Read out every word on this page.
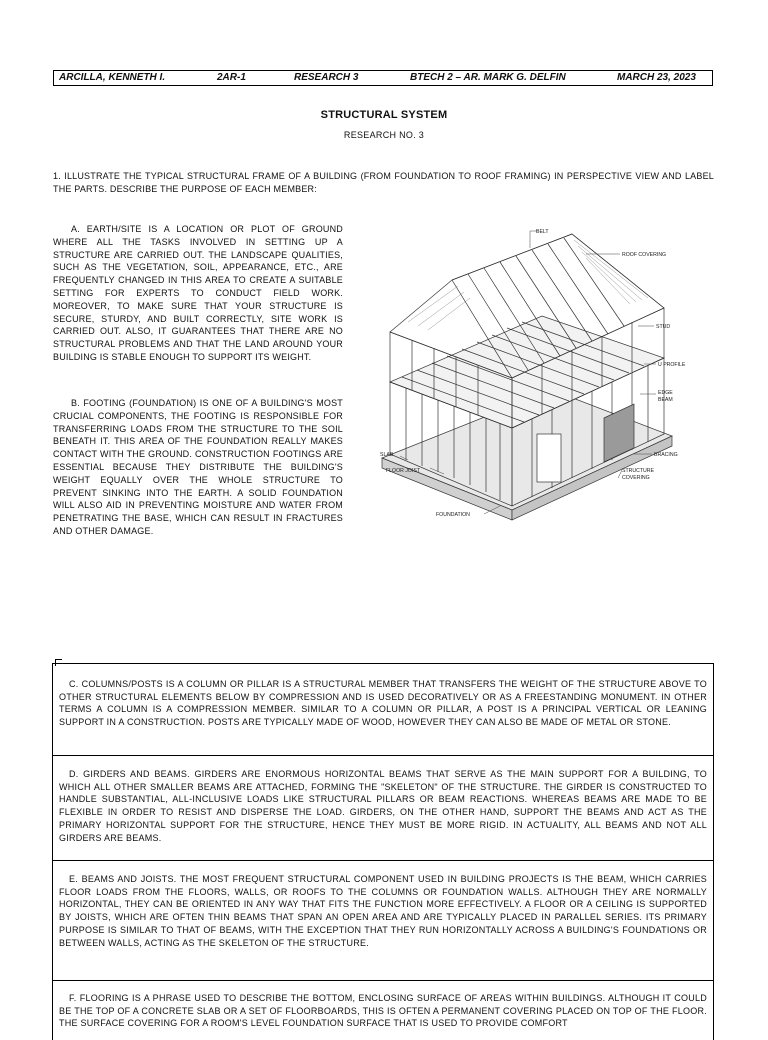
ARCILLA, KENNETH I.	2AR-1	RESEARCH 3	BTECH 2 – AR. MARK G. DELFIN	MARCH 23, 2023
STRUCTURAL SYSTEM
RESEARCH NO. 3
1. ILLUSTRATE THE TYPICAL STRUCTURAL FRAME OF A BUILDING (FROM FOUNDATION TO ROOF FRAMING) IN PERSPECTIVE VIEW AND LABEL THE PARTS. DESCRIBE THE PURPOSE OF EACH MEMBER:
A. EARTH/SITE IS A LOCATION OR PLOT OF GROUND WHERE ALL THE TASKS INVOLVED IN SETTING UP A STRUCTURE ARE CARRIED OUT. THE LANDSCAPE QUALITIES, SUCH AS THE VEGETATION, SOIL, APPEARANCE, ETC., ARE FREQUENTLY CHANGED IN THIS AREA TO CREATE A SUITABLE SETTING FOR EXPERTS TO CONDUCT FIELD WORK. MOREOVER, TO MAKE SURE THAT YOUR STRUCTURE IS SECURE, STURDY, AND BUILT CORRECTLY, SITE WORK IS CARRIED OUT. ALSO, IT GUARANTEES THAT THERE ARE NO STRUCTURAL PROBLEMS AND THAT THE LAND AROUND YOUR BUILDING IS STABLE ENOUGH TO SUPPORT ITS WEIGHT.
B. FOOTING (FOUNDATION) IS ONE OF A BUILDING'S MOST CRUCIAL COMPONENTS, THE FOOTING IS RESPONSIBLE FOR TRANSFERRING LOADS FROM THE STRUCTURE TO THE SOIL BENEATH IT. THIS AREA OF THE FOUNDATION REALLY MAKES CONTACT WITH THE GROUND. CONSTRUCTION FOOTINGS ARE ESSENTIAL BECAUSE THEY DISTRIBUTE THE BUILDING'S WEIGHT EQUALLY OVER THE WHOLE STRUCTURE TO PREVENT SINKING INTO THE EARTH. A SOLID FOUNDATION WILL ALSO AID IN PREVENTING MOISTURE AND WATER FROM PENETRATING THE BASE, WHICH CAN RESULT IN FRACTURES AND OTHER DAMAGE.
BELT
ROOF COVERING
STUD
U PROFILE
EDGE
BEAM
BRACING
STRUCTURE
COVERING
SLAB
FLOOR JOIST
FOUNDATION

C. COLUMNS/POSTS IS A COLUMN OR PILLAR IS A STRUCTURAL MEMBER THAT TRANSFERS THE WEIGHT OF THE STRUCTURE ABOVE TO OTHER STRUCTURAL ELEMENTS BELOW BY COMPRESSION AND IS USED DECORATIVELY OR AS A FREESTANDING MONUMENT. IN OTHER TERMS A COLUMN IS A COMPRESSION MEMBER. SIMILAR TO A COLUMN OR PILLAR, A POST IS A PRINCIPAL VERTICAL OR LEANING SUPPORT IN A CONSTRUCTION. POSTS ARE TYPICALLY MADE OF WOOD, HOWEVER THEY CAN ALSO BE MADE OF METAL OR STONE.

D. GIRDERS AND BEAMS. GIRDERS ARE ENORMOUS HORIZONTAL BEAMS THAT SERVE AS THE MAIN SUPPORT FOR A BUILDING, TO WHICH ALL OTHER SMALLER BEAMS ARE ATTACHED, FORMING THE "SKELETON" OF THE STRUCTURE. THE GIRDER IS CONSTRUCTED TO HANDLE SUBSTANTIAL, ALL-INCLUSIVE LOADS LIKE STRUCTURAL PILLARS OR BEAM REACTIONS. WHEREAS BEAMS ARE MADE TO BE FLEXIBLE IN ORDER TO RESIST AND DISPERSE THE LOAD. GIRDERS, ON THE OTHER HAND, SUPPORT THE BEAMS AND ACT AS THE PRIMARY HORIZONTAL SUPPORT FOR THE STRUCTURE, HENCE THEY MUST BE MORE RIGID. IN ACTUALITY, ALL BEAMS AND NOT ALL GIRDERS ARE BEAMS.

E. BEAMS AND JOISTS. THE MOST FREQUENT STRUCTURAL COMPONENT USED IN BUILDING PROJECTS IS THE BEAM, WHICH CARRIES FLOOR LOADS FROM THE FLOORS, WALLS, OR ROOFS TO THE COLUMNS OR FOUNDATION WALLS. ALTHOUGH THEY ARE NORMALLY HORIZONTAL, THEY CAN BE ORIENTED IN ANY WAY THAT FITS THE FUNCTION MORE EFFECTIVELY. A FLOOR OR A CEILING IS SUPPORTED BY JOISTS, WHICH ARE OFTEN THIN BEAMS THAT SPAN AN OPEN AREA AND ARE TYPICALLY PLACED IN PARALLEL SERIES. ITS PRIMARY PURPOSE IS SIMILAR TO THAT OF BEAMS, WITH THE EXCEPTION THAT THEY RUN HORIZONTALLY ACROSS A BUILDING'S FOUNDATIONS OR BETWEEN WALLS, ACTING AS THE SKELETON OF THE STRUCTURE.

F. FLOORING IS A PHRASE USED TO DESCRIBE THE BOTTOM, ENCLOSING SURFACE OF AREAS WITHIN BUILDINGS. ALTHOUGH IT COULD BE THE TOP OF A CONCRETE SLAB OR A SET OF FLOORBOARDS, THIS IS OFTEN A PERMANENT COVERING PLACED ON TOP OF THE FLOOR. THE SURFACE COVERING FOR A ROOM'S LEVEL FOUNDATION SURFACE THAT IS USED TO PROVIDE COMFORT
